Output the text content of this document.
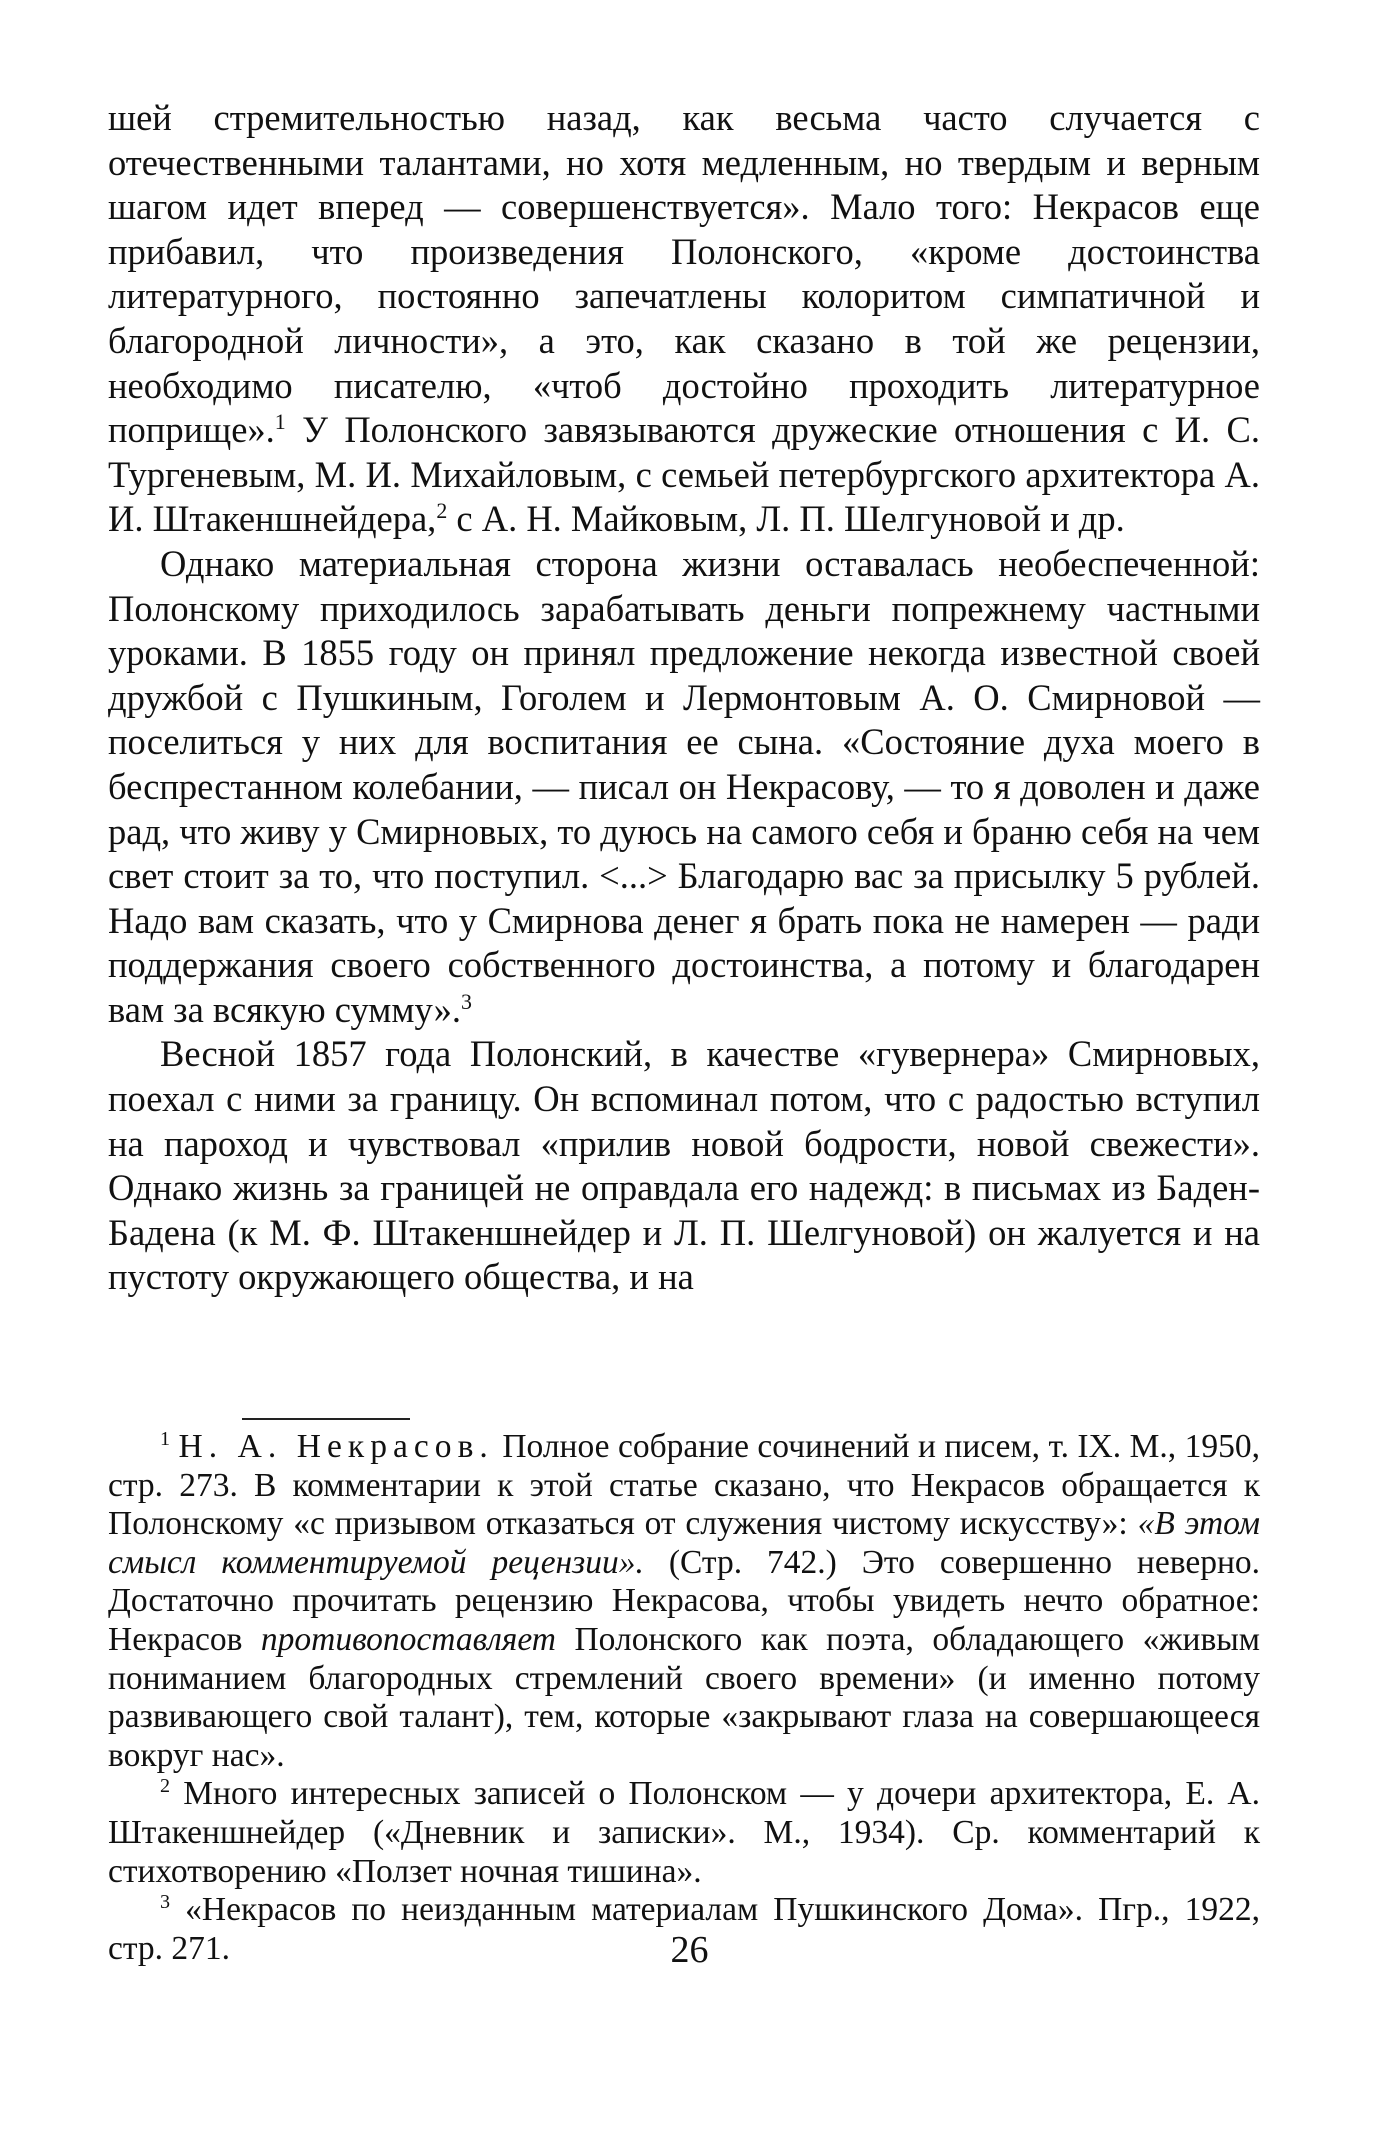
шей стремительностью назад, как весьма часто случается с отечественными талантами, но хотя медленным, но твердым и верным шагом идет вперед — совершенствуется». Мало того: Некрасов еще прибавил, что произведения Полонского, «кроме достоинства литературного, постоянно запечатлены колоритом симпатичной и благородной личности», а это, как сказано в той же рецензии, необходимо писателю, «чтоб достойно проходить литературное поприще».$^1$ У Полонского завязываются дружеские отношения с И. С. Тургеневым, М. И. Михайловым, с семьей петербургского архитектора А. И. Штакеншнейдера,$^2$ с А. Н. Майковым, Л. П. Шелгуновой и др.

Однако материальная сторона жизни оставалась необеспеченной: Полонскому приходилось зарабатывать деньги попрежнему частными уроками. В 1855 году он принял предложение некогда известной своей дружбой с Пушкиным, Гоголем и Лермонтовым А. О. Смирновой — поселиться у них для воспитания ее сына. «Состояние духа моего в беспрестанном колебании, — писал он Некрасову, — то я доволен и даже рад, что живу у Смирновых, то дуюсь на самого себя и браню себя на чем свет стоит за то, что поступил. <...> Благодарю вас за присылку 5 рублей. Надо вам сказать, что у Смирнова денег я брать пока не намерен — ради поддержания своего собственного достоинства, а потому и благодарен вам за всякую сумму».$^3$

Весной 1857 года Полонский, в качестве «гувернера» Смирновых, поехал с ними за границу. Он вспоминал потом, что с радостью вступил на пароход и чувствовал «прилив новой бодрости, новой свежести». Однако жизнь за границей не оправдала его надежд: в письмах из Баден-Бадена (к М. Ф. Штакеншнейдер и Л. П. Шелгуновой) он жалуется и на пустоту окружающего общества, и на

$^1$ Н. А. Некрасов. Полное собрание сочинений и писем, т. IX. М., 1950, стр. 273. В комментарии к этой статье сказано, что Некрасов обращается к Полонскому «с призывом отказаться от служения чистому искусству»: «В этом смысл комментируемой рецензии». (Стр. 742.) Это совершенно неверно. Достаточно прочитать рецензию Некрасова, чтобы увидеть нечто обратное: Некрасов противопоставляет Полонского как поэта, обладающего «живым пониманием благородных стремлений своего времени» (и именно потому развивающего свой талант), тем, которые «закрывают глаза на совершающееся вокруг нас».

$^2$ Много интересных записей о Полонском — у дочери архитектора, Е. А. Штакеншнейдер («Дневник и записки». М., 1934). Ср. комментарий к стихотворению «Ползет ночная тишина».

$^3$ «Некрасов по неизданным материалам Пушкинского Дома». Пгр., 1922, стр. 271.	26
